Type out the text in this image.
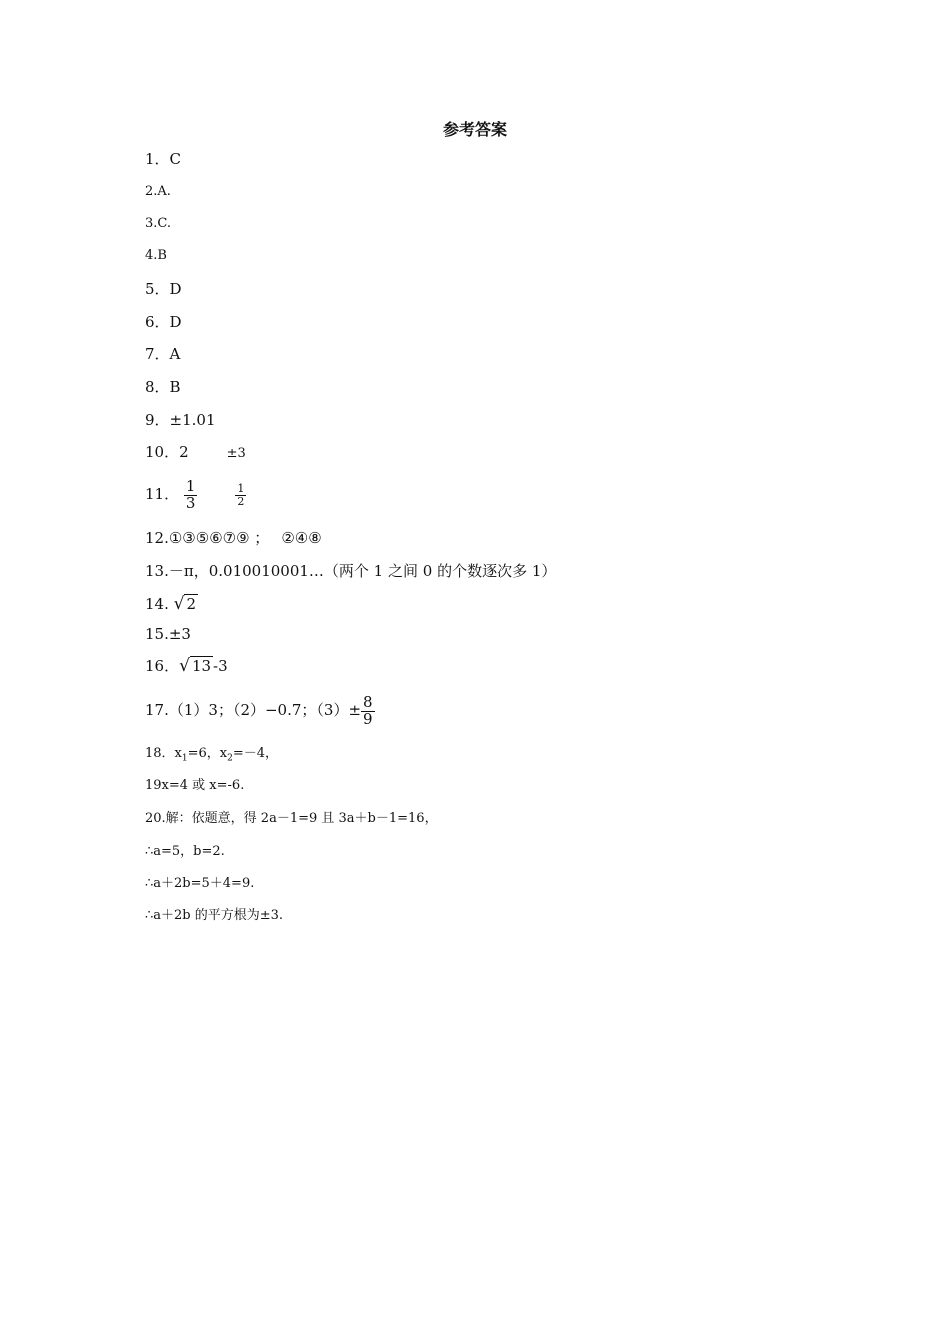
参考答案
1．C
2.A.
3.C.
4.B
5．D
6．D
7．A
8．B
9．±1.01
10．2	±3
11． $\frac{1}{3}$	$\frac{1}{2}$
12.①③⑤⑥⑦⑨ ； ②④⑧
13.－π，0.010010001…（两个 1 之间 0 的个数逐次多 1）
14. √ 2
15.±3
16．√ 13 -3
17.（1）3；（2）−0.7；$(3)\pm \frac{8}{9}$
18．$x_1=6$，$x_2=-4$，
19x=4 或 x=-6.
20.解：依题意，得 2a－1=9 且 3a＋b－1=16，
∴a=5，b=2.
∴a＋2b=5＋4=9.
∴a＋2b 的平方根为±3.
